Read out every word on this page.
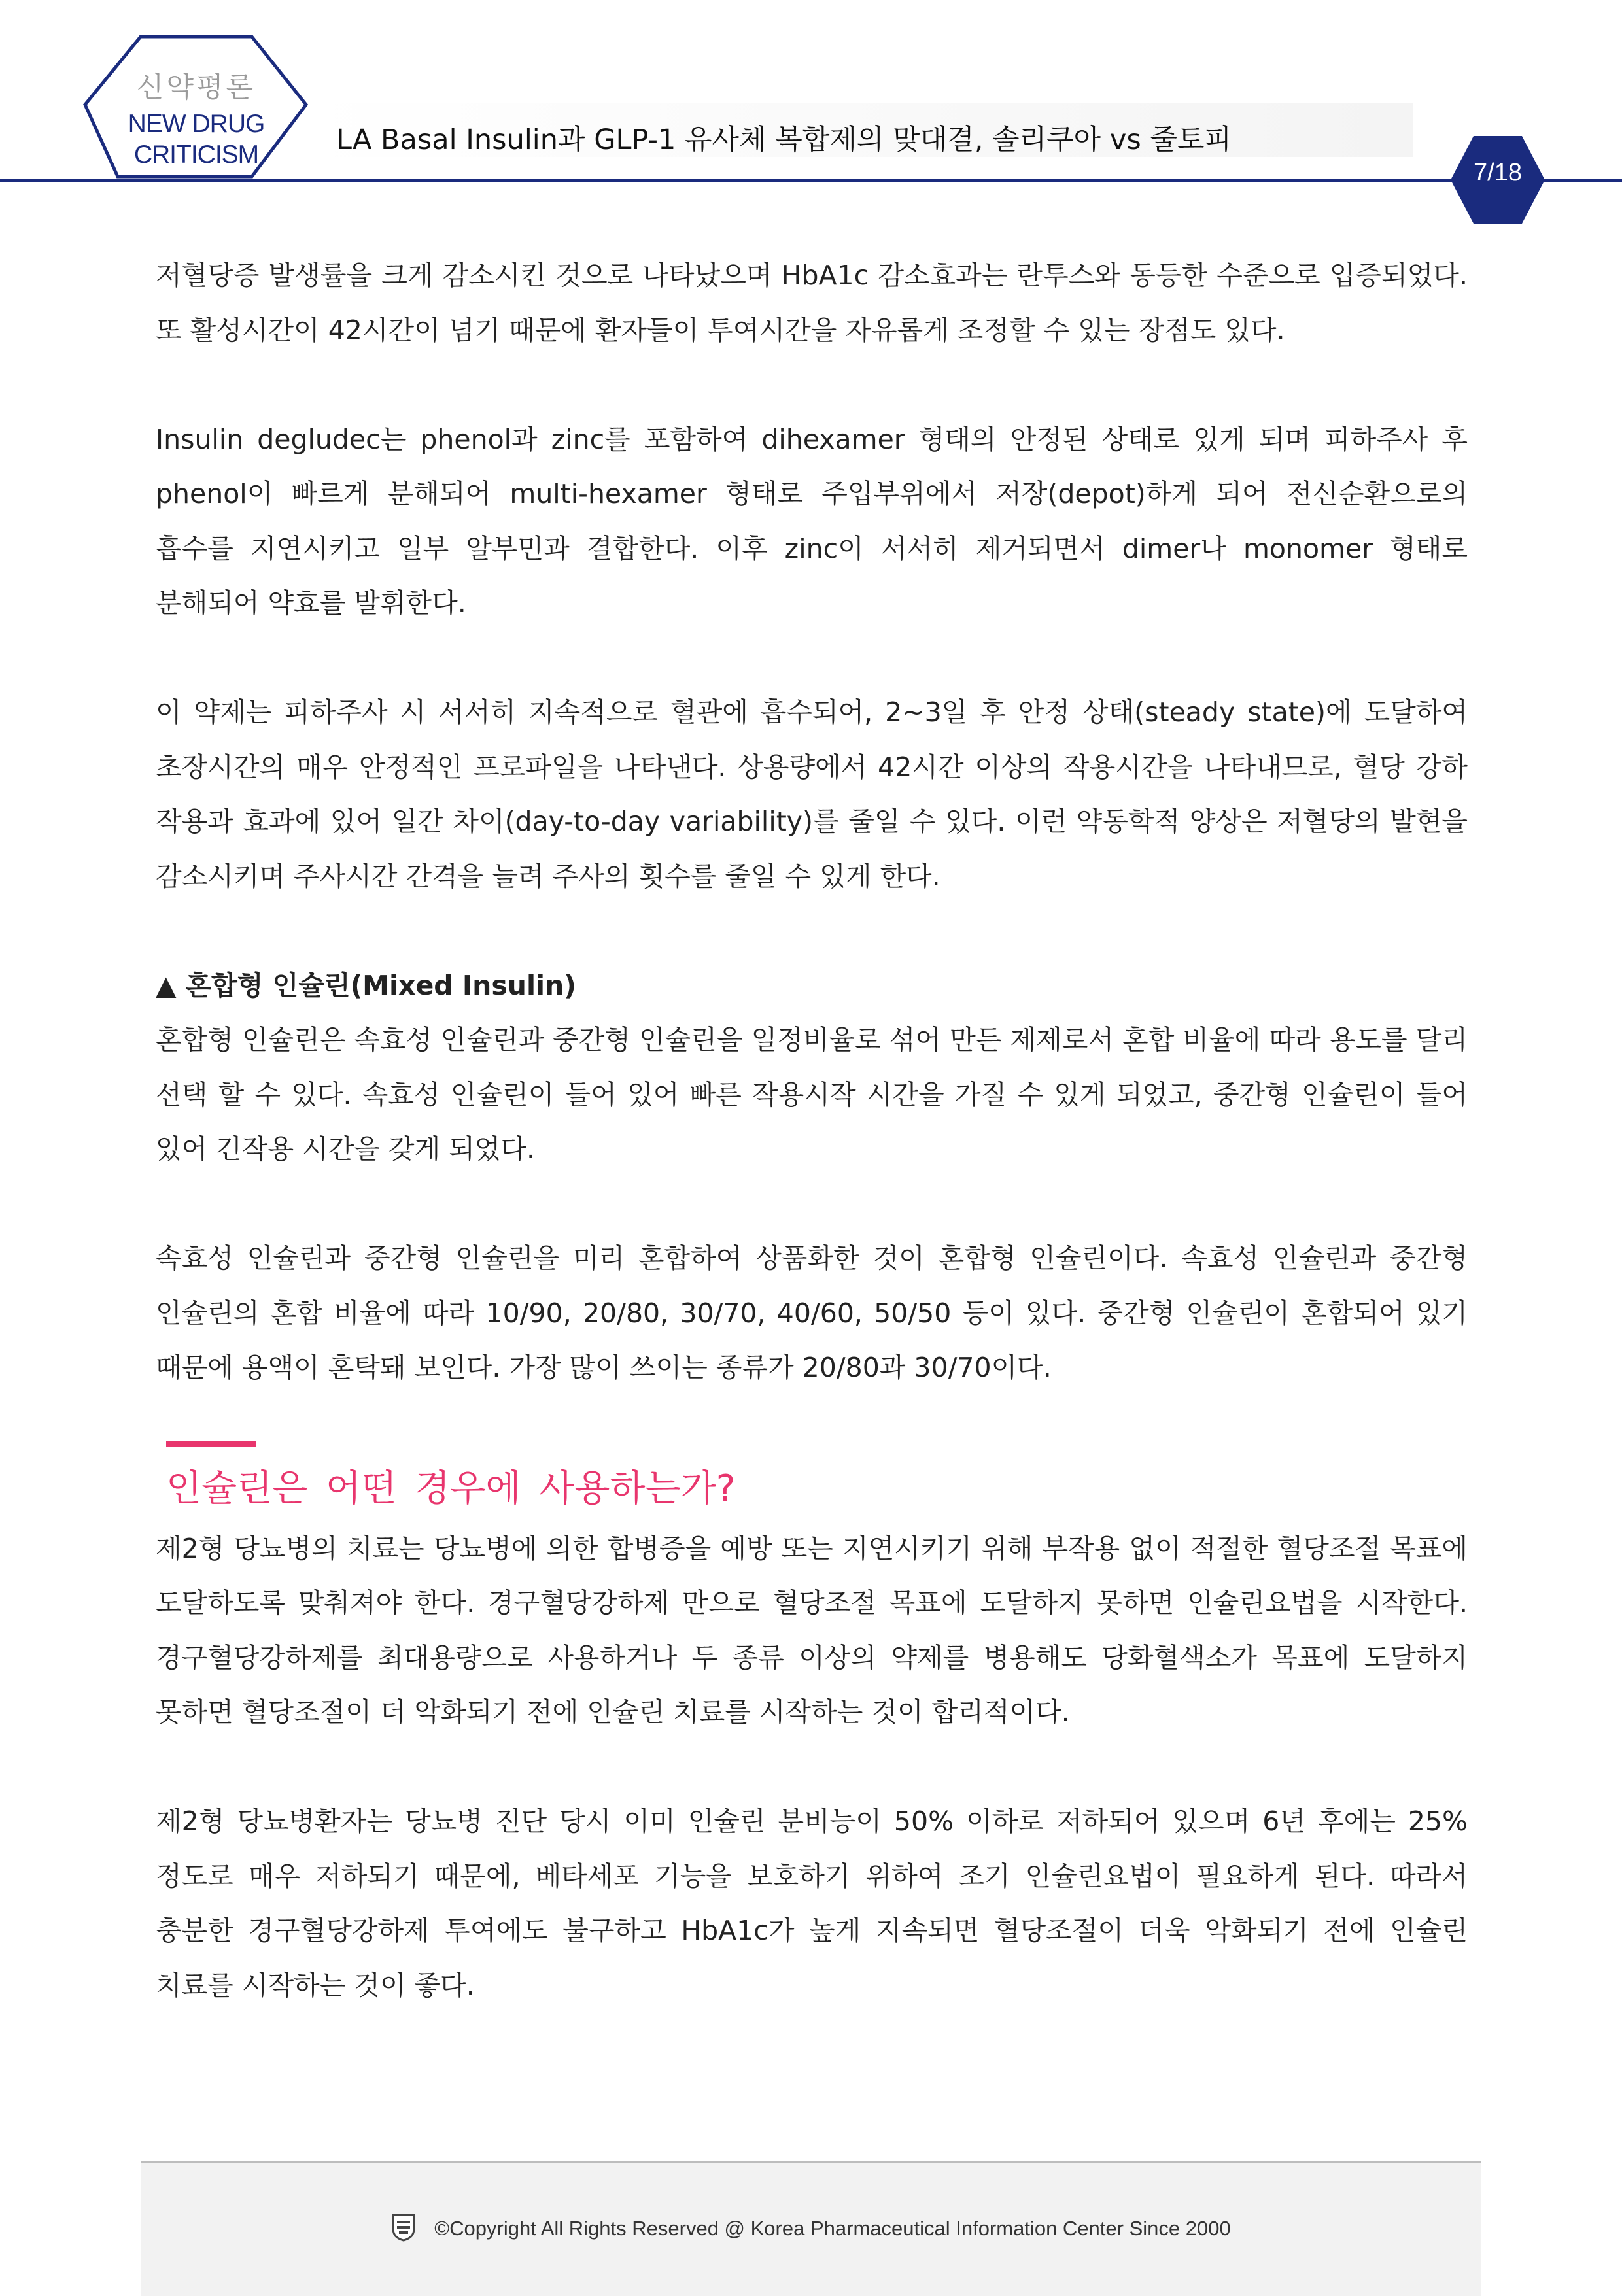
신약평론
NEW DRUG
CRITICISM	LA Basal Insulin과 GLP-1 유사체 복합제의 맞대결, 솔리쿠아 vs 줄토피
7/18

저혈당증 발생률을 크게 감소시킨 것으로 나타났으며 HbA1c 감소효과는 란투스와 동등한 수준으로 입증되었다. 또 활성시간이 42시간이 넘기 때문에 환자들이 투여시간을 자유롭게 조정할 수 있는 장점도 있다.

Insulin degludec는 phenol과 zinc를 포함하여 dihexamer 형태의 안정된 상태로 있게 되며 피하주사 후 phenol이 빠르게 분해되어 multi-hexamer 형태로 주입부위에서 저장(depot)하게 되어 전신순환으로의 흡수를 지연시키고 일부 알부민과 결합한다. 이후 zinc이 서서히 제거되면서 dimer나 monomer 형태로 분해되어 약효를 발휘한다.

이 약제는 피하주사 시 서서히 지속적으로 혈관에 흡수되어, 2~3일 후 안정 상태(steady state)에 도달하여 초장시간의 매우 안정적인 프로파일을 나타낸다. 상용량에서 42시간 이상의 작용시간을 나타내므로, 혈당 강하 작용과 효과에 있어 일간 차이(day-to-day variability)를 줄일 수 있다. 이런 약동학적 양상은 저혈당의 발현을 감소시키며 주사시간 간격을 늘려 주사의 횟수를 줄일 수 있게 한다.

▲ 혼합형 인슐린(Mixed Insulin)

혼합형 인슐린은 속효성 인슐린과 중간형 인슐린을 일정비율로 섞어 만든 제제로서 혼합 비율에 따라 용도를 달리 선택 할 수 있다. 속효성 인슐린이 들어 있어 빠른 작용시작 시간을 가질 수 있게 되었고, 중간형 인슐린이 들어 있어 긴작용 시간을 갖게 되었다.

속효성 인슐린과 중간형 인슐린을 미리 혼합하여 상품화한 것이 혼합형 인슐린이다. 속효성 인슐린과 중간형 인슐린의 혼합 비율에 따라 10/90, 20/80, 30/70, 40/60, 50/50 등이 있다. 중간형 인슐린이 혼합되어 있기 때문에 용액이 혼탁돼 보인다. 가장 많이 쓰이는 종류가 20/80과 30/70이다.

인슐린은 어떤 경우에 사용하는가?

제2형 당뇨병의 치료는 당뇨병에 의한 합병증을 예방 또는 지연시키기 위해 부작용 없이 적절한 혈당조절 목표에 도달하도록 맞춰져야 한다. 경구혈당강하제 만으로 혈당조절 목표에 도달하지 못하면 인슐린요법을 시작한다. 경구혈당강하제를 최대용량으로 사용하거나 두 종류 이상의 약제를 병용해도 당화혈색소가 목표에 도달하지 못하면 혈당조절이 더 악화되기 전에 인슐린 치료를 시작하는 것이 합리적이다.

제2형 당뇨병환자는 당뇨병 진단 당시 이미 인슐린 분비능이 50% 이하로 저하되어 있으며 6년 후에는 25% 정도로 매우 저하되기 때문에, 베타세포 기능을 보호하기 위하여 조기 인슐린요법이 필요하게 된다. 따라서 충분한 경구혈당강하제 투여에도 불구하고 HbA1c가 높게 지속되면 혈당조절이 더욱 악화되기 전에 인슐린 치료를 시작하는 것이 좋다.

©Copyright All Rights Reserved @ Korea Pharmaceutical Information Center Since 2000
